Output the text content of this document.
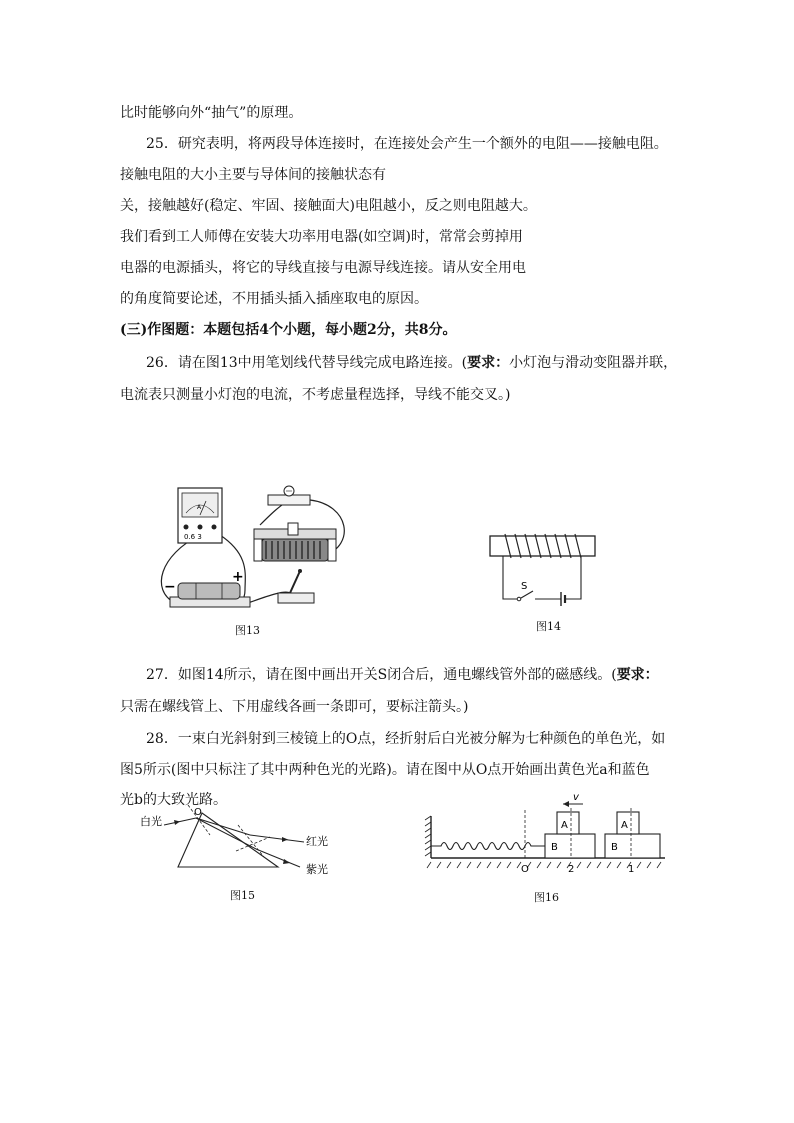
比时能够向外“抽气”的原理。
25．研究表明，将两段导体连接时，在连接处会产生一个额外的电阻——接触电阻。
接触电阻的大小主要与导体间的接触状态有
关，接触越好(稳定、牢固、接触面大)电阻越小，反之则电阻越大。
我们看到工人师傅在安装大功率用电器(如空调)时，常常会剪掉用
电器的电源插头，将它的导线直接与电源导线连接。请从安全用电
的角度简要论述，不用插头插入插座取电的原因。
(三)作图题：本题包括4个小题，每小题2分，共8分。
26．请在图13中用笔划线代替导线完成电路连接。(要求：小灯泡与滑动变阻器并联，
电流表只测量小灯泡的电流，不考虑量程选择，导线不能交叉。)
27．如图14所示，请在图中画出开关S闭合后，通电螺线管外部的磁感线。(要求：
只需在螺线管上、下用虚线各画一条即可，要标注箭头。)
28．一束白光斜射到三棱镜上的O点，经折射后白光被分解为七种颜色的单色光，如
图5所示(图中只标注了其中两种色光的光路)。请在图中从O点开始画出黄色光a和蓝色
光b的大致光路。
A
0.6 3
−
+
图13
S
图14
白光
O
红光
紫光
图15
v
A	A
B	B
O	2	1
图16
